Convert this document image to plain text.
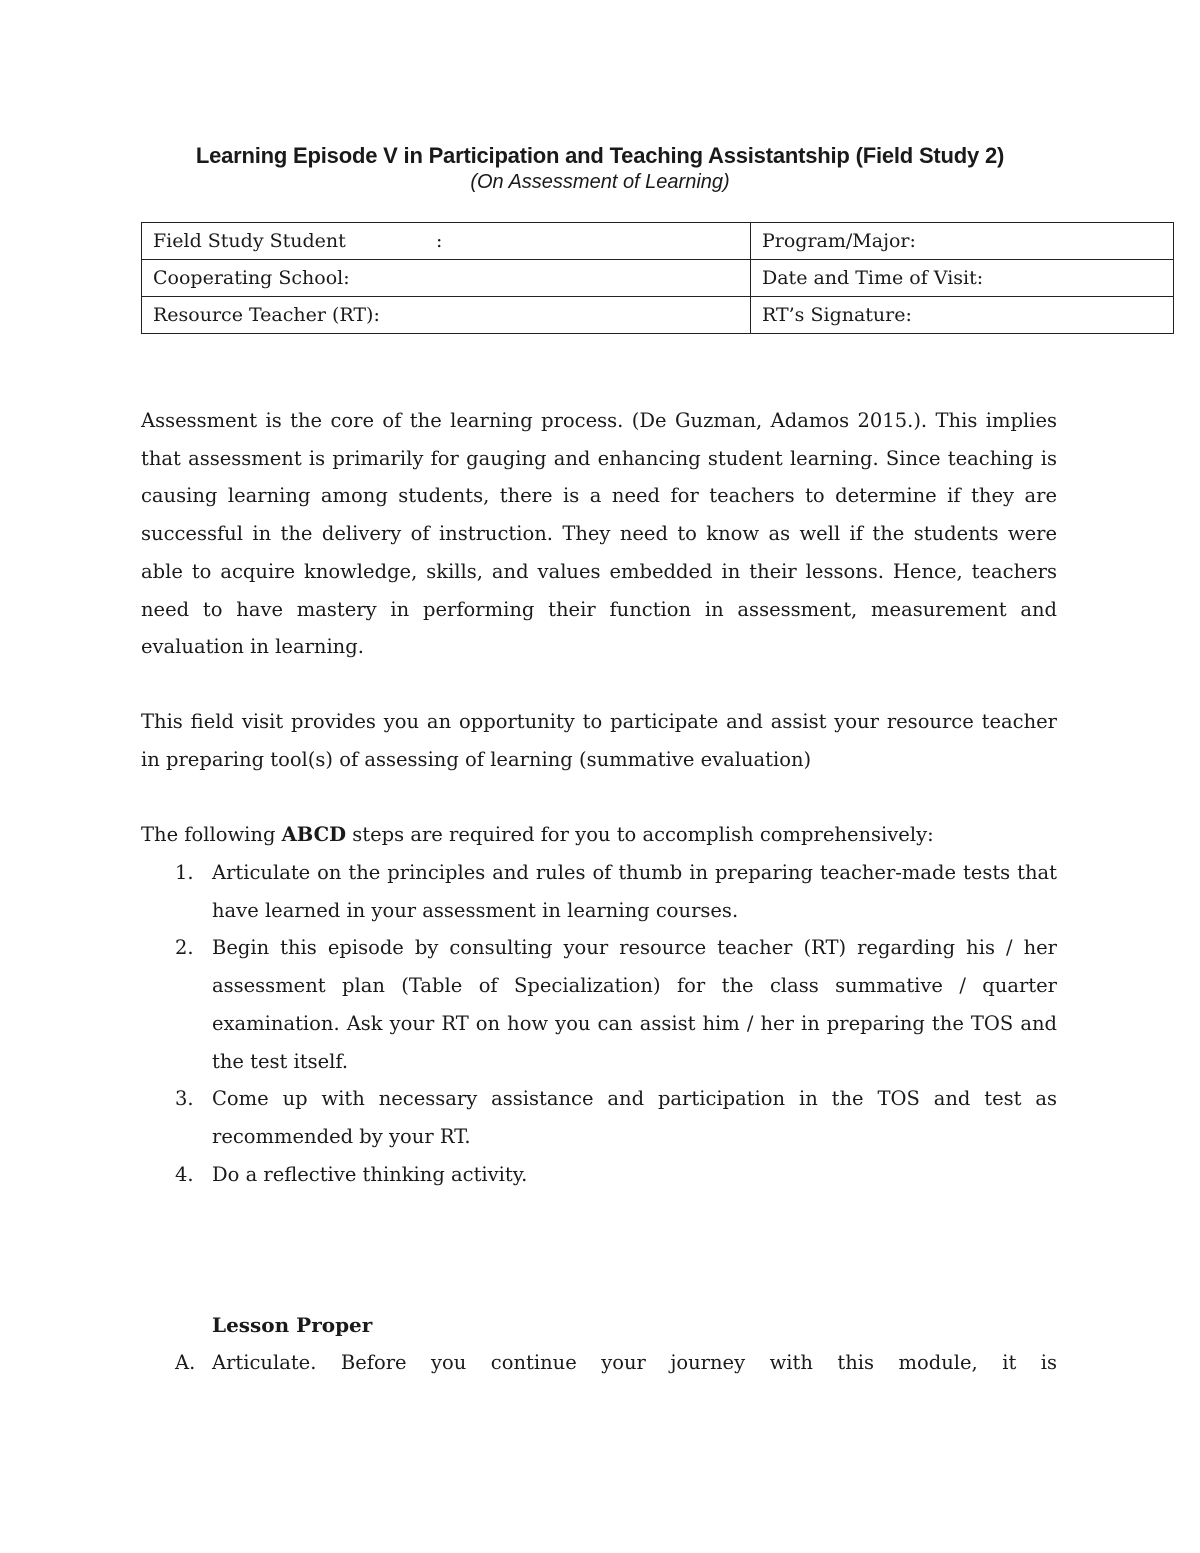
Learning Episode V in Participation and Teaching Assistantship (Field Study 2)
(On Assessment of Learning)
Field Study Student :	Program/Major:
Cooperating School:	Date and Time of Visit:
Resource Teacher (RT):	RT’s Signature:

Assessment is the core of the learning process. (De Guzman, Adamos 2015.). This implies that assessment is primarily for gauging and enhancing student learning. Since teaching is causing learning among students, there is a need for teachers to determine if they are successful in the delivery of instruction. They need to know as well if the students were able to acquire knowledge, skills, and values embedded in their lessons. Hence, teachers need to have mastery in performing their function in assessment, measurement and evaluation in learning.

This field visit provides you an opportunity to participate and assist your resource teacher in preparing tool(s) of assessing of learning (summative evaluation)

The following ABCD steps are required for you to accomplish comprehensively:

1. Articulate on the principles and rules of thumb in preparing teacher-made tests that have learned in your assessment in learning courses.
2. Begin this episode by consulting your resource teacher (RT) regarding his / her assessment plan (Table of Specialization) for the class summative / quarter examination. Ask your RT on how you can assist him / her in preparing the TOS and the test itself.
3. Come up with necessary assistance and participation in the TOS and test as recommended by your RT.
4. Do a reflective thinking activity.
Lesson Proper
A. Articulate. Before you continue your journey with this module, it is
